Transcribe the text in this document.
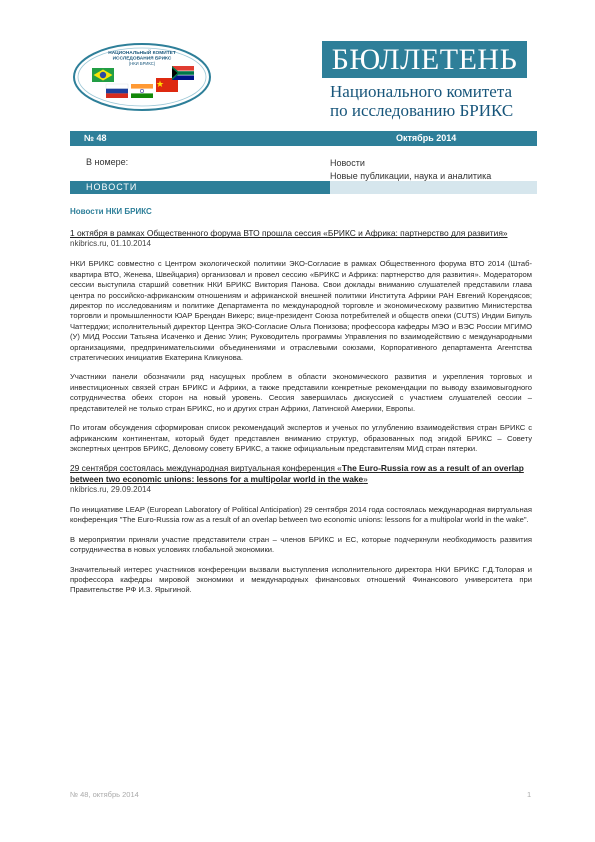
НАЦИОНАЛЬНЫЙ КОМИТЕТ
ИССЛЕДОВАНИЯ БРИКС
(НКИ БРИКС)	БЮЛЛЕТЕНЬ
Национального комитета
по исследованию БРИКС
№ 48	Октябрь 2014
В номере:	Новости
Новые публикации, наука и аналитика
НОВОСТИ
Новости НКИ БРИКС
1 октября в рамках Общественного форума ВТО прошла сессия «БРИКС и Африка: партнерство для развития»
nkibrics.ru, 01.10.2014

НКИ БРИКС совместно с Центром экологической политики ЭКО-Согласие в рамках Общественного форума ВТО 2014 (Штаб-квартира ВТО, Женева, Швейцария) организовал и провел сессию «БРИКС и Африка: партнерство для развития». Модератором сессии выступила старший советник НКИ БРИКС Виктория Панова. Свои доклады вниманию слушателей представили глава центра по российско-африканским отношениям и африканской внешней политики Института Африки РАН Евгений Корендясов; директор по исследованиям и политике Департамента по международной торговле и экономическому развитию Министерства торговли и промышленности ЮАР Брендан Викерс; вице-президент Союза потребителей и обществ опеки (CUTS) Индии Бипуль Чаттерджи; исполнительный директор Центра ЭКО-Согласие Ольга Понизова; профессора кафедры МЭО и ВЭС России МГИМО (У) МИД России Татьяна Исаченко и Денис Улин; Руководитель программы Управления по взаимодействию с международными организациями, предпринимательскими объединениями и отраслевыми союзами, Корпоративного департамента Агентства стратегических инициатив Екатерина Кликунова.

Участники панели обозначили ряд насущных проблем в области экономического развития и укрепления торговых и инвестиционных связей стран БРИКС и Африки, а также представили конкретные рекомендации по выводу взаимовыгодного сотрудничества обеих сторон на новый уровень. Сессия завершилась дискуссией с участием слушателей сессии – представителей не только стран БРИКС, но и других стран Африки, Латинской Америки, Европы.

По итогам обсуждения сформирован список рекомендаций экспертов и ученых по углублению взаимодействия стран БРИКС с африканским континентам, который будет представлен вниманию структур, образованных под эгидой БРИКС – Совету экспертных центров БРИКС, Деловому совету БРИКС, а также официальным представителям МИД стран пятерки.

29 сентября состоялась международная виртуальная конференция «The Euro-Russia row as a result of an overlap between two economic unions: lessons for a multipolar world in the wake»
nkibrics.ru, 29.09.2014

По инициативе LEAP (European Laboratory of Political Anticipation) 29 сентября 2014 года состоялась международная виртуальная конференция "The Euro-Russia row as a result of an overlap between two economic unions: lessons for a multipolar world in the wake".

В мероприятии приняли участие представители стран – членов БРИКС и ЕС, которые подчеркнули необходимость развития сотрудничества в новых условиях глобальной экономики.

Значительный интерес участников конференции вызвали выступления исполнительного директора НКИ БРИКС Г.Д.Толорая и профессора кафедры мировой экономики и международных финансовых отношений Финансового университета при Правительстве РФ И.З. Ярыгиной.

№ 48, октябрь 2014	1
